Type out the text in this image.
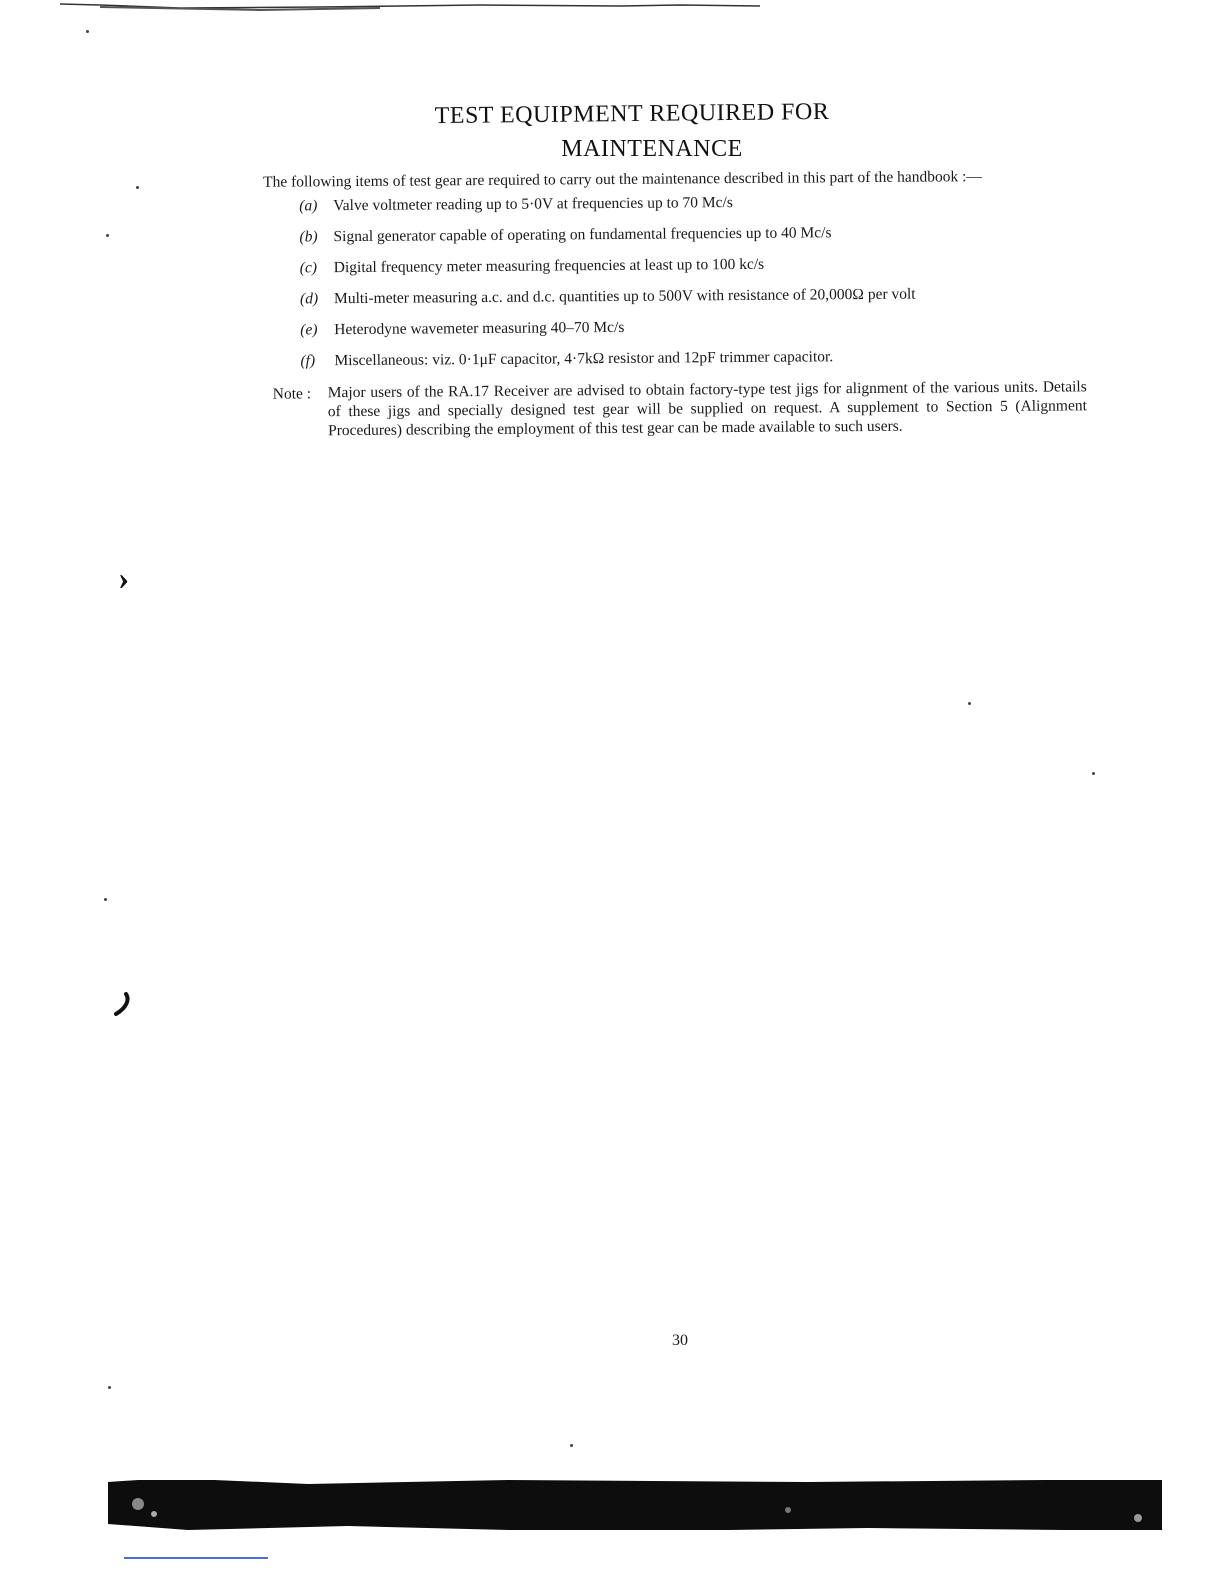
TEST EQUIPMENT REQUIRED FOR
MAINTENANCE

The following items of test gear are required to carry out the maintenance described in this part of the handbook :—

(a)	Valve voltmeter reading up to 5·0V at frequencies up to 70 Mc/s
(b)	Signal generator capable of operating on fundamental frequencies up to 40 Mc/s
(c)	Digital frequency meter measuring frequencies at least up to 100 kc/s
(d)	Multi-meter measuring a.c. and d.c. quantities up to 500V with resistance of 20,000Ω per volt
(e)	Heterodyne wavemeter measuring 40–70 Mc/s
(f)	Miscellaneous: viz. 0·1μF capacitor, 4·7kΩ resistor and 12pF trimmer capacitor.
Note :	Major users of the RA.17 Receiver are advised to obtain factory-type test jigs for alignment of the various units. Details of these jigs and specially designed test gear will be supplied on request. A supplement to Section 5 (Alignment Procedures) describing the employment of this test gear can be made available to such users.
30
›
